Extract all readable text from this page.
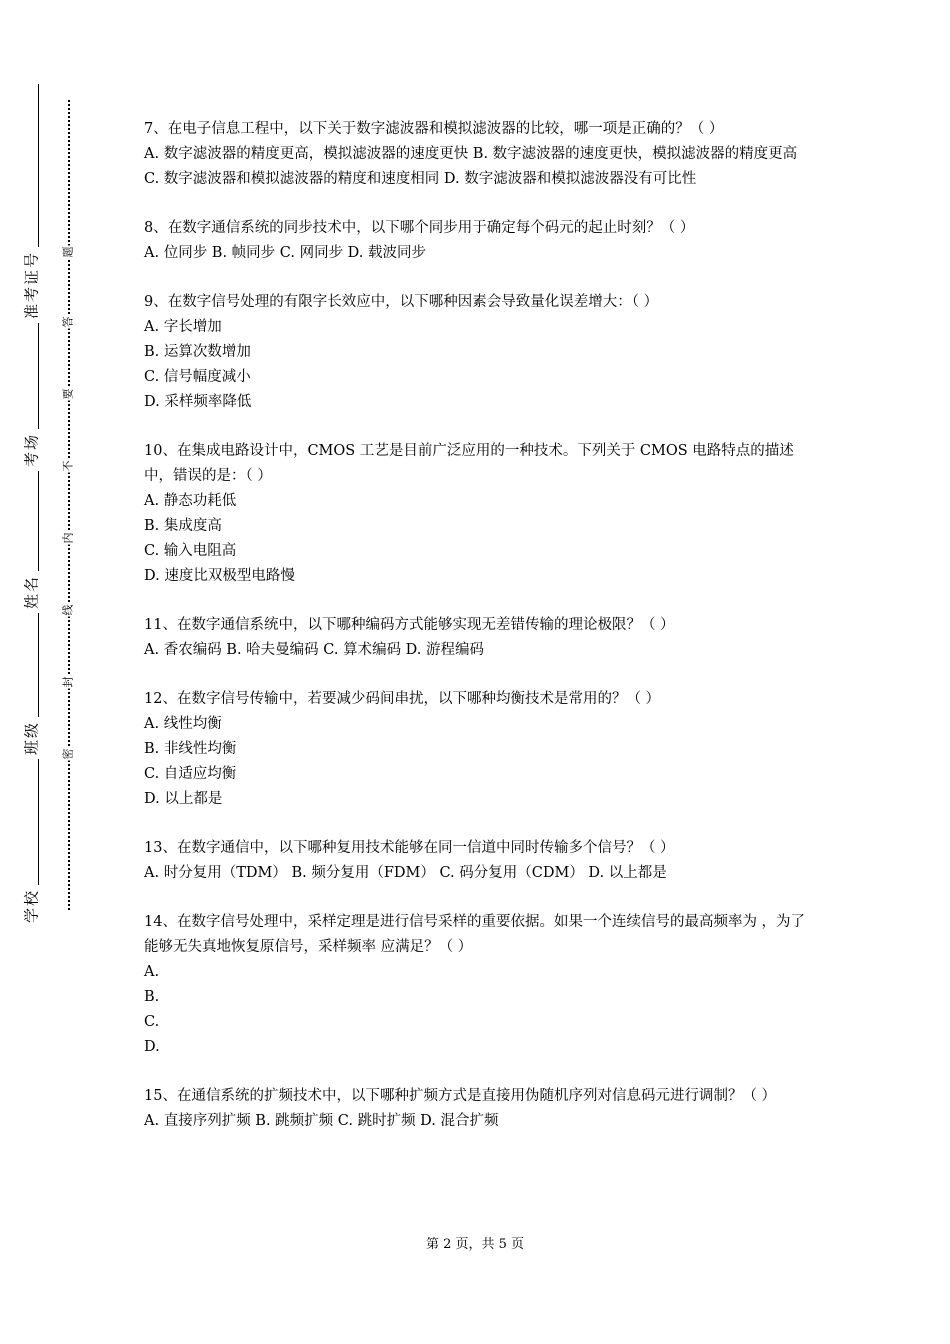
准考证号
考场
姓名
班级
学校
题
答
要
不
内
线
封
密
7、在电子信息工程中，以下关于数字滤波器和模拟滤波器的比较，哪一项是正确的？（ ）
A. 数字滤波器的精度更高，模拟滤波器的速度更快 B. 数字滤波器的速度更快，模拟滤波器的精度更高 C. 数字滤波器和模拟滤波器的精度和速度相同 D. 数字滤波器和模拟滤波器没有可比性
8、在数字通信系统的同步技术中，以下哪个同步用于确定每个码元的起止时刻？（ ）
A. 位同步 B. 帧同步 C. 网同步 D. 载波同步
9、在数字信号处理的有限字长效应中，以下哪种因素会导致量化误差增大：（ ）
A. 字长增加
B. 运算次数增加
C. 信号幅度减小
D. 采样频率降低
10、在集成电路设计中，CMOS 工艺是目前广泛应用的一种技术。下列关于 CMOS 电路特点的描述中，错误的是：（ ）
A. 静态功耗低
B. 集成度高
C. 输入电阻高
D. 速度比双极型电路慢
11、在数字通信系统中，以下哪种编码方式能够实现无差错传输的理论极限？（ ）
A. 香农编码 B. 哈夫曼编码 C. 算术编码 D. 游程编码
12、在数字信号传输中，若要减少码间串扰，以下哪种均衡技术是常用的？（ ）
A. 线性均衡
B. 非线性均衡
C. 自适应均衡
D. 以上都是
13、在数字通信中，以下哪种复用技术能够在同一信道中同时传输多个信号？（ ）
A. 时分复用（TDM） B. 频分复用（FDM） C. 码分复用（CDM） D. 以上都是
14、在数字信号处理中，采样定理是进行信号采样的重要依据。如果一个连续信号的最高频率为 ，为了能够无失真地恢复原信号，采样频率 应满足？（ ）
A.
B.
C.
D.
15、在通信系统的扩频技术中，以下哪种扩频方式是直接用伪随机序列对信息码元进行调制？（ ）
A. 直接序列扩频 B. 跳频扩频 C. 跳时扩频 D. 混合扩频
第 2 页，共 5 页
